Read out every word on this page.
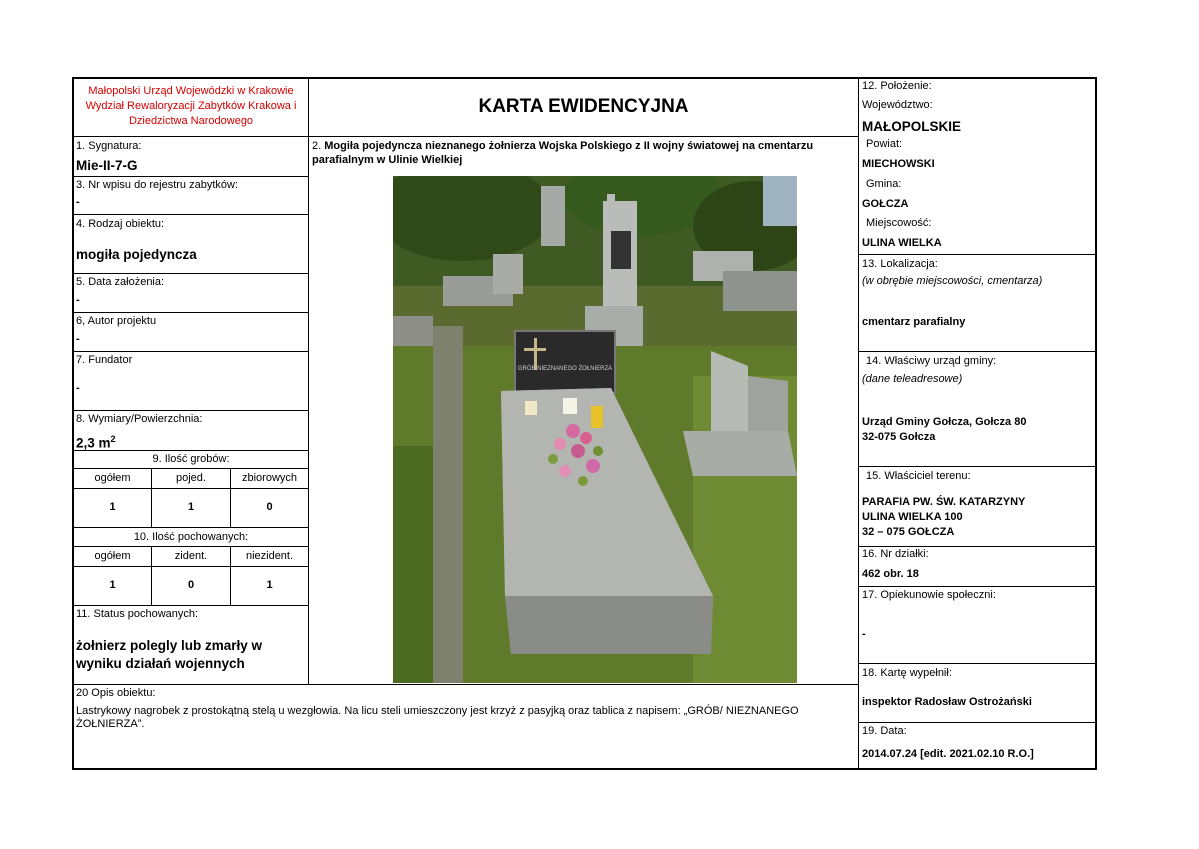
Małopolski Urząd Wojewódzki w Krakowie
Wydział Rewaloryzacji Zabytków Krakowa i
Dziedzictwa Narodowego
KARTA EWIDENCYJNA
2. Mogiła pojedyncza nieznanego żołnierza Wojska Polskiego z II wojny światowej na cmentarzu
parafialnym w Ulinie Wielkiej
1. Sygnatura:
Mie-II-7-G
3. Nr wpisu do rejestru zabytków:
-
4. Rodzaj obiektu:
mogiła pojedyncza
5. Data założenia:
-
6, Autor projektu
-
7. Fundator
-
8. Wymiary/Powierzchnia:
2,3 $m^2$
9. Ilość grobów:
ogółem	pojed.	zbiorowych
1	1	0
10. Ilość pochowanych:
ogółem	zident.	niezident.
1	0	1
11. Status pochowanych:
żołnierz polegly lub zmarły w
wyniku działań wojennych
20 Opis obiektu:
Lastrykowy nagrobek z prostokątną stelą u wezgłowia. Na licu steli umieszczony jest krzyż z pasyjką oraz tablica z napisem: „GRÓB/ NIEZNANEGO
ŻOŁNIERZA”.
GRÓB NIEZNANEGO ŻOŁNIERZA
12. Położenie:
Województwo:
MAŁOPOLSKIE
Powiat:
MIECHOWSKI
Gmina:
GOŁCZA
Miejscowość:
ULINA WIELKA
13. Lokalizacja:
(w obrębie miejscowości, cmentarza)
cmentarz parafialny
14. Właściwy urząd gminy:
(dane teleadresowe)
Urząd Gminy Gołcza, Gołcza 80
32-075 Gołcza
15. Właściciel terenu:
PARAFIA PW. ŚW. KATARZYNY
ULINA WIELKA 100
32 – 075 GOŁCZA
16. Nr działki:
462 obr. 18
17. Opiekunowie społeczni:
-
18. Kartę wypełnił:
inspektor Radosław Ostrożański
19. Data:
2014.07.24 [edit. 2021.02.10 R.O.]
